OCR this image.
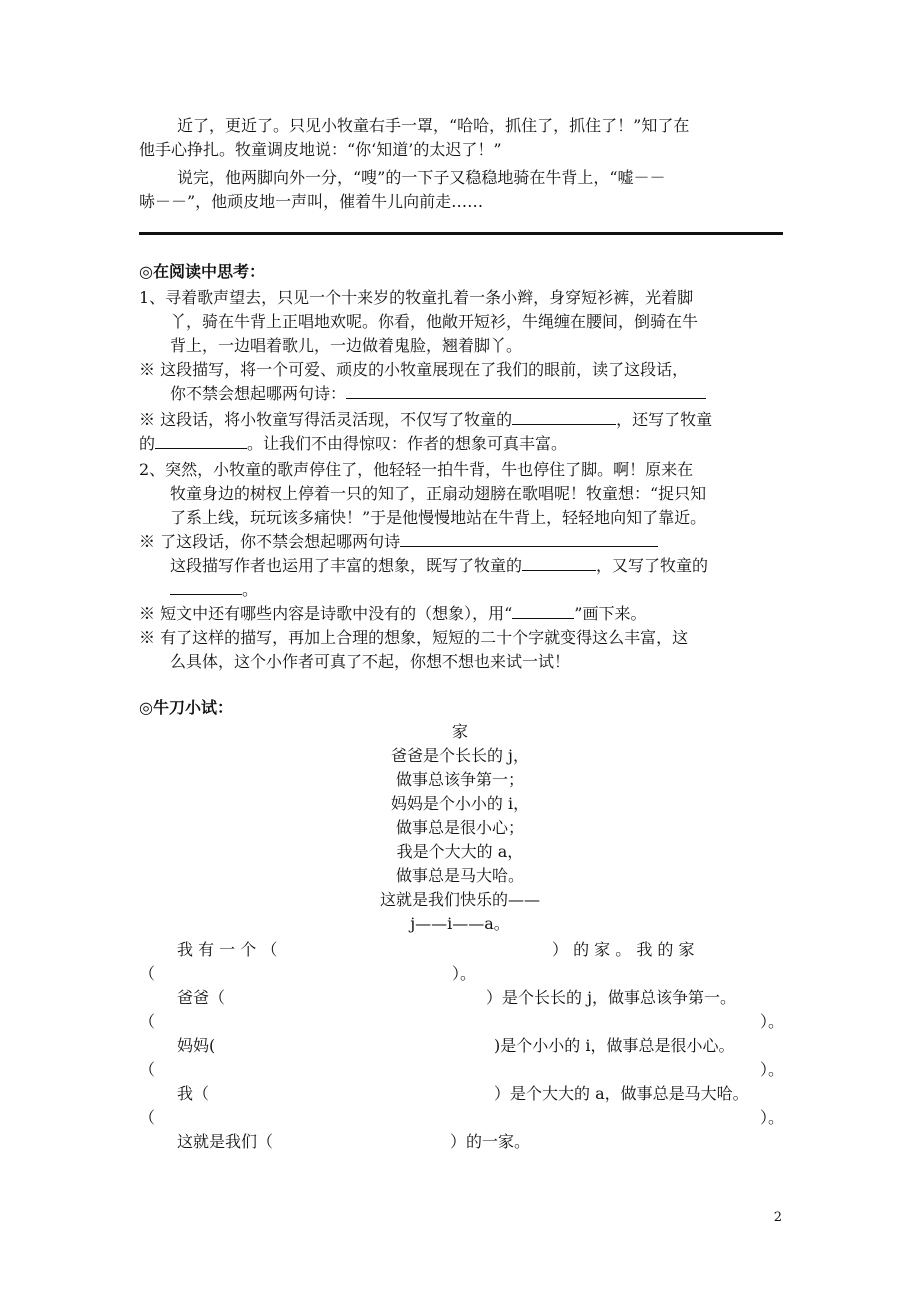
近了，更近了。只见小牧童右手一罩，“哈哈，抓住了，抓住了！”知了在
他手心挣扎。牧童调皮地说：“你‘知道’的太迟了！”
说完，他两脚向外一分，“嗖”的一下子又稳稳地骑在牛背上，“嘘－－
哧－－”，他顽皮地一声叫，催着牛儿向前走……
◎在阅读中思考：
1、寻着歌声望去，只见一个十来岁的牧童扎着一条小辫，身穿短衫裤，光着脚
丫，骑在牛背上正唱地欢呢。你看，他敞开短衫，牛绳缠在腰间，倒骑在牛
背上，一边唱着歌儿，一边做着鬼脸，翘着脚丫。
※ 这段描写，将一个可爱、顽皮的小牧童展现在了我们的眼前，读了这段话，
你不禁会想起哪两句诗：
※ 这段话，将小牧童写得活灵活现，不仅写了牧童的	，还写了牧童
的	。让我们不由得惊叹：作者的想象可真丰富。
2、突然，小牧童的歌声停住了，他轻轻一拍牛背，牛也停住了脚。啊！原来在
牧童身边的树杈上停着一只的知了，正扇动翅膀在歌唱呢！牧童想：“捉只知
了系上线，玩玩该多痛快！”于是他慢慢地站在牛背上，轻轻地向知了靠近。
※ 了这段话，你不禁会想起哪两句诗
这段描写作者也运用了丰富的想象，既写了牧童的	，又写了牧童的
。
※ 短文中还有哪些内容是诗歌中没有的（想象），用“	”画下来。
※ 有了这样的描写，再加上合理的想象，短短的二十个字就变得这么丰富，这
么具体，这个小作者可真了不起，你想不想也来试一试！
◎牛刀小试：
家
爸爸是个长长的 j，
做事总该争第一；
妈妈是个小小的 i，
做事总是很小心；
我是个大大的 a，
做事总是马大哈。
这就是我们快乐的——
j——i——a。
我 有 一 个 （	） 的 家 。 我 的 家
（	）。
爸爸（	）是个长长的 j，做事总该争第一。
（	）。
妈妈(	)是个小小的 i，做事总是很小心。
（	）。
我（	）是个大大的 a，做事总是马大哈。
（	）。
这就是我们（	）的一家。
2
